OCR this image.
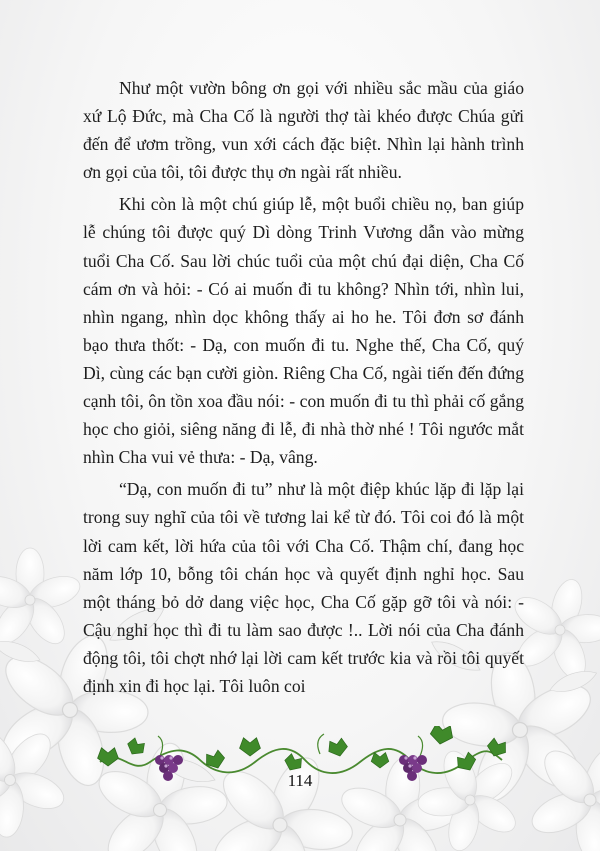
Như một vườn bông ơn gọi với nhiều sắc mầu của giáo xứ Lộ Đức, mà Cha Cố là người thợ tài khéo được Chúa gửi đến để ươm trồng, vun xới cách đặc biệt. Nhìn lại hành trình ơn gọi của tôi, tôi được thụ ơn ngài rất nhiều.

Khi còn là một chú giúp lễ, một buổi chiều nọ, ban giúp lễ chúng tôi được quý Dì dòng Trinh Vương dẫn vào mừng tuổi Cha Cố. Sau lời chúc tuổi của một chú đại diện, Cha Cố cám ơn và hỏi: - Có ai muốn đi tu không? Nhìn tới, nhìn lui, nhìn ngang, nhìn dọc không thấy ai ho he. Tôi đơn sơ đánh bạo thưa thốt: - Dạ, con muốn đi tu. Nghe thế, Cha Cố, quý Dì, cùng các bạn cười giòn. Riêng Cha Cố, ngài tiến đến đứng cạnh tôi, ôn tồn xoa đầu nói: - con muốn đi tu thì phải cố gắng học cho giỏi, siêng năng đi lễ, đi nhà thờ nhé ! Tôi ngước mắt nhìn Cha vui vẻ thưa: - Dạ, vâng.

“Dạ, con muốn đi tu” như là một điệp khúc lặp đi lặp lại trong suy nghĩ của tôi về tương lai kể từ đó. Tôi coi đó là một lời cam kết, lời hứa của tôi với Cha Cố. Thậm chí, đang học năm lớp 10, bỗng tôi chán học và quyết định nghỉ học. Sau một tháng bỏ dở dang việc học, Cha Cố gặp gỡ tôi và nói: - Cậu nghỉ học thì đi tu làm sao được !.. Lời nói của Cha đánh động tôi, tôi chợt nhớ lại lời cam kết trước kia và rồi tôi quyết định xin đi học lại. Tôi luôn coi

114
